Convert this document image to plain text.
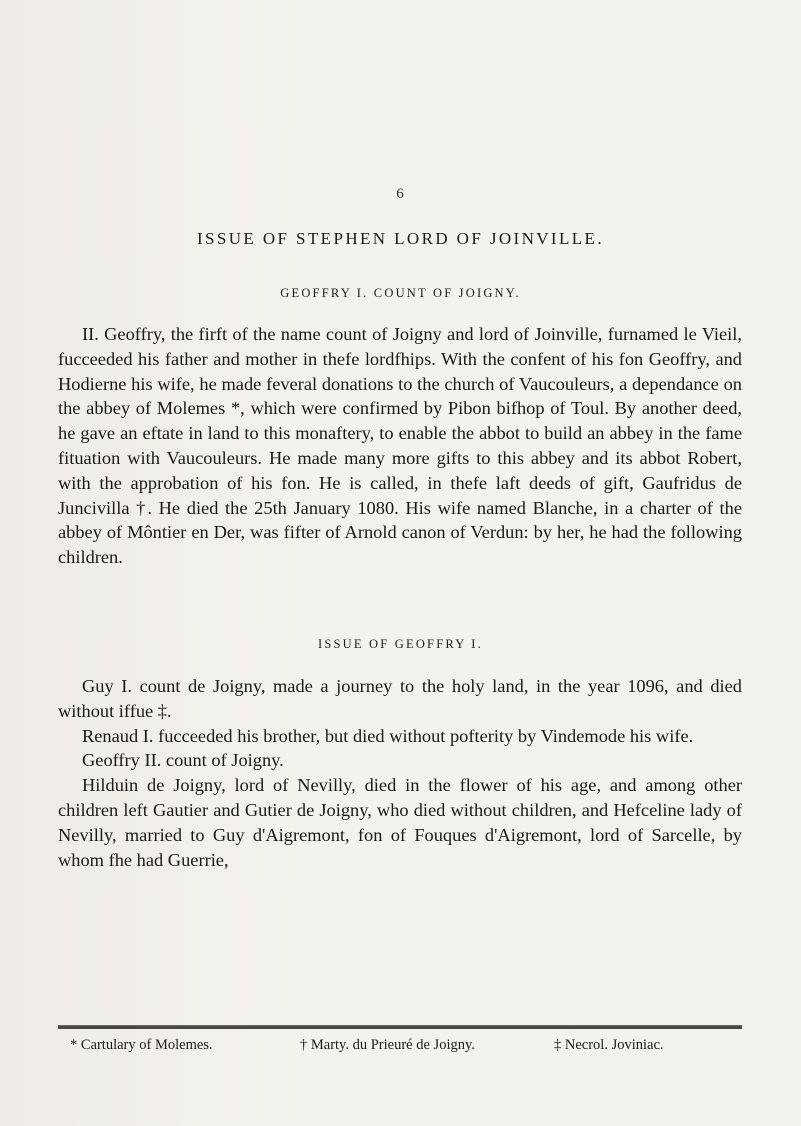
6
ISSUE OF STEPHEN LORD OF JOINVILLE.
GEOFFRY I. COUNT OF JOIGNY.

II. Geoffry, the firft of the name count of Joigny and lord of Joinville, furnamed le Vieil, fucceeded his father and mother in thefe lordfhips. With the confent of his fon Geoffry, and Hodierne his wife, he made feveral donations to the church of Vaucouleurs, a dependance on the abbey of Molemes *, which were confirmed by Pibon bifhop of Toul. By another deed, he gave an eftate in land to this monaftery, to enable the abbot to build an abbey in the fame fituation with Vaucouleurs. He made many more gifts to this abbey and its abbot Robert, with the approbation of his fon. He is called, in thefe laft deeds of gift, Gaufridus de Juncivilla †. He died the 25th January 1080. His wife named Blanche, in a charter of the abbey of Môntier en Der, was fifter of Arnold canon of Verdun: by her, he had the following children.

ISSUE OF GEOFFRY I.

Guy I. count de Joigny, made a journey to the holy land, in the year 1096, and died without iffue ‡.

Renaud I. fucceeded his brother, but died without pofterity by Vindemode his wife.

Geoffry II. count of Joigny.

Hilduin de Joigny, lord of Nevilly, died in the flower of his age, and among other children left Gautier and Gutier de Joigny, who died without children, and Hefceline lady of Nevilly, married to Guy d'Aigremont, fon of Fouques d'Aigremont, lord of Sarcelle, by whom fhe had Guerrie,

* Cartulary of Molemes.	† Marty. du Prieuré de Joigny.	‡ Necrol. Joviniac.
